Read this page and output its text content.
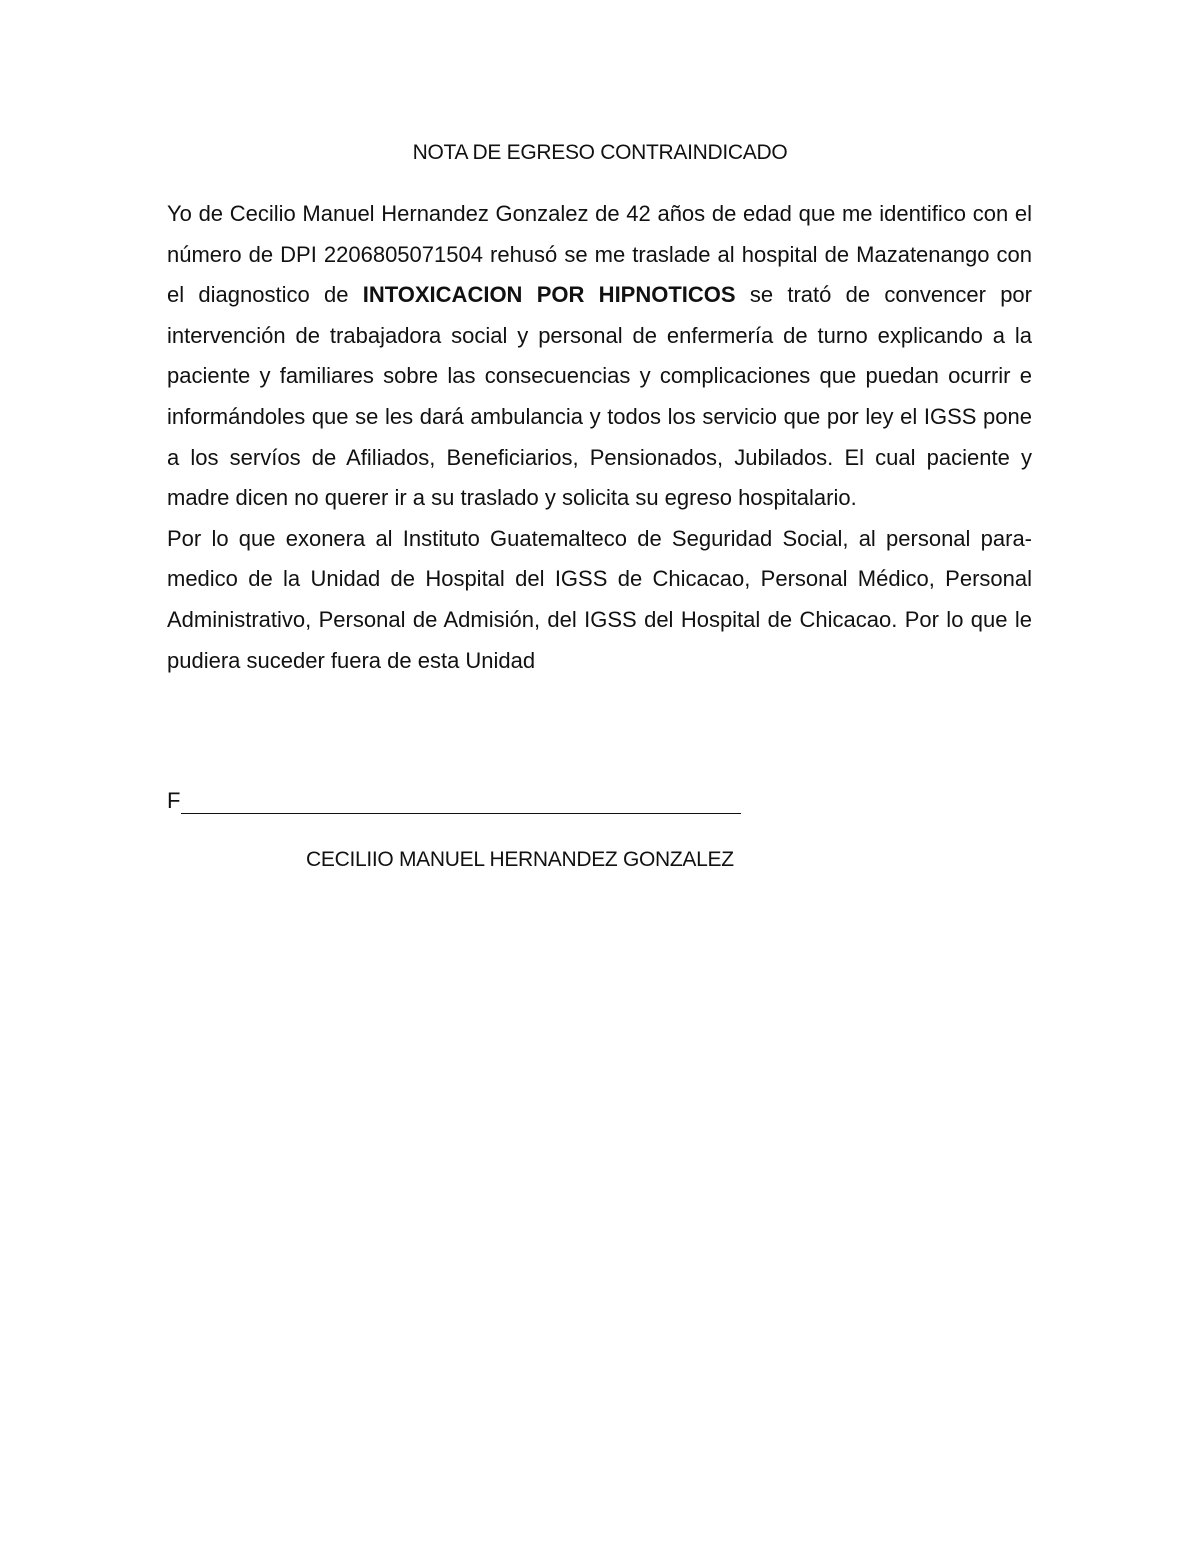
NOTA DE EGRESO CONTRAINDICADO

Yo de Cecilio Manuel Hernandez Gonzalez de 42 años de edad que me identifico con el número de DPI 2206805071504 rehusó se me traslade al hospital de Mazatenango con el diagnostico de INTOXICACION POR HIPNOTICOS se trató de convencer por intervención de trabajadora social y personal de enfermería de turno explicando a la paciente y familiares sobre las consecuencias y complicaciones que puedan ocurrir e informándoles que se les dará ambulancia y todos los servicio que por ley el IGSS pone a los servíos de Afiliados, Beneficiarios, Pensionados, Jubilados. El cual paciente y madre dicen no querer ir a su traslado y solicita su egreso hospitalario.

Por lo que exonera al Instituto Guatemalteco de Seguridad Social, al personal para-medico de la Unidad de Hospital del IGSS de Chicacao, Personal Médico, Personal Administrativo, Personal de Admisión, del IGSS del Hospital de Chicacao. Por lo que le pudiera suceder fuera de esta Unidad

F
CECILIIO MANUEL HERNANDEZ GONZALEZ
